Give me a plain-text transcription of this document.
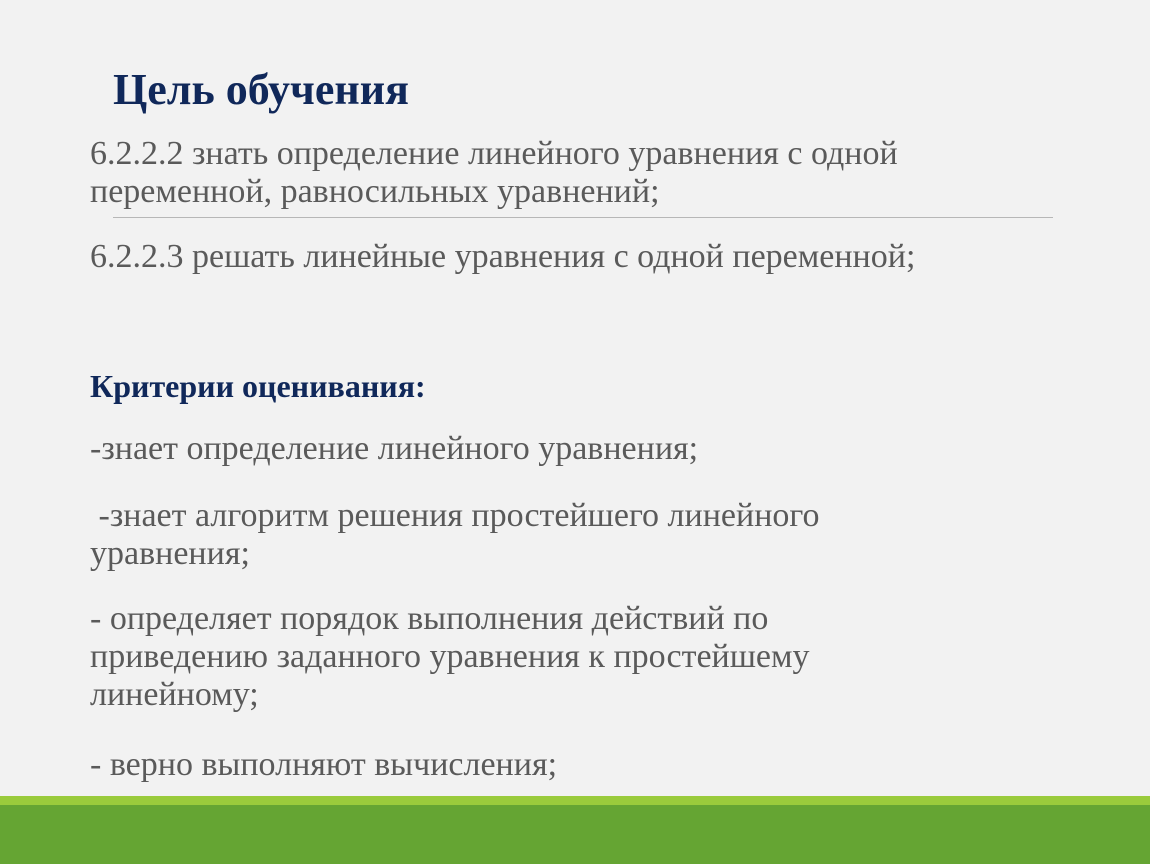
Цель обучения

6.2.2.2 знать определение линейного уравнения с одной
переменной, равносильных уравнений;

6.2.2.3 решать линейные уравнения с одной переменной;

Критерии оценивания:

-знает определение линейного уравнения;

-знает алгоритм решения простейшего линейного
уравнения;

- определяет порядок выполнения действий по
приведению заданного уравнения к простейшему
линейному;

- верно выполняют вычисления;
